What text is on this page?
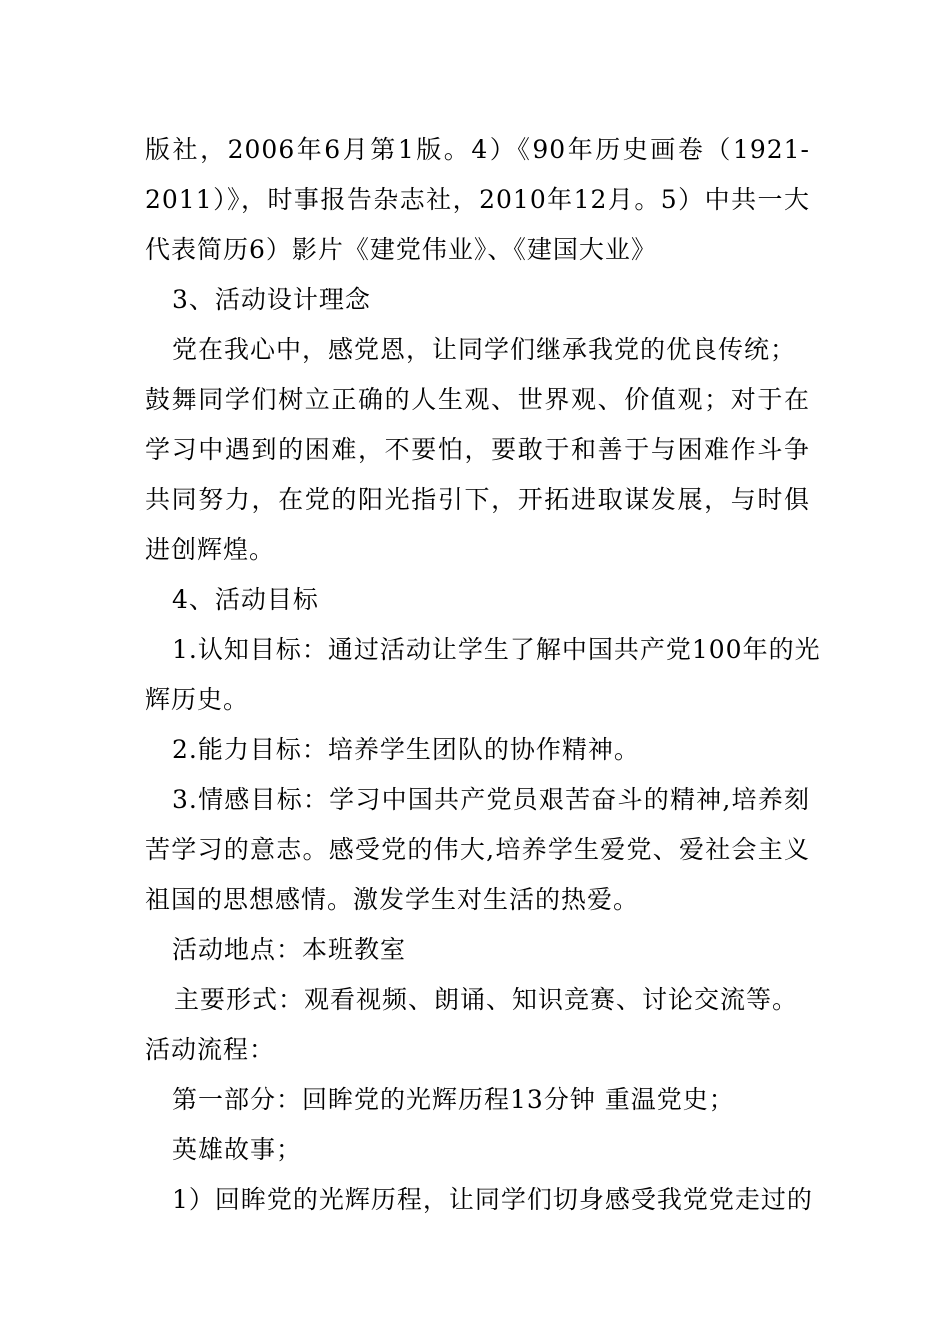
版社，2006年6月第1版。4）《90年历史画卷（1921-
2011）》，时事报告杂志社，2010年12月。5）中共一大
代表简历6）影片《建党伟业》、《建国大业》
3、活动设计理念
党在我心中，感党恩，让同学们继承我党的优良传统；
鼓舞同学们树立正确的人生观、世界观、价值观；对于在
学习中遇到的困难，不要怕，要敢于和善于与困难作斗争
共同努力，在党的阳光指引下，开拓进取谋发展，与时俱
进创辉煌。
4、活动目标
1.认知目标：通过活动让学生了解中国共产党100年的光
辉历史。
2.能力目标：培养学生团队的协作精神。
3.情感目标：学习中国共产党员艰苦奋斗的精神,培养刻
苦学习的意志。感受党的伟大,培养学生爱党、爱社会主义
祖国的思想感情。激发学生对生活的热爱。
活动地点：本班教室
主要形式：观看视频、朗诵、知识竞赛、讨论交流等。
活动流程：
第一部分：回眸党的光辉历程13分钟 重温党史；
英雄故事；
1）回眸党的光辉历程，让同学们切身感受我党党走过的
